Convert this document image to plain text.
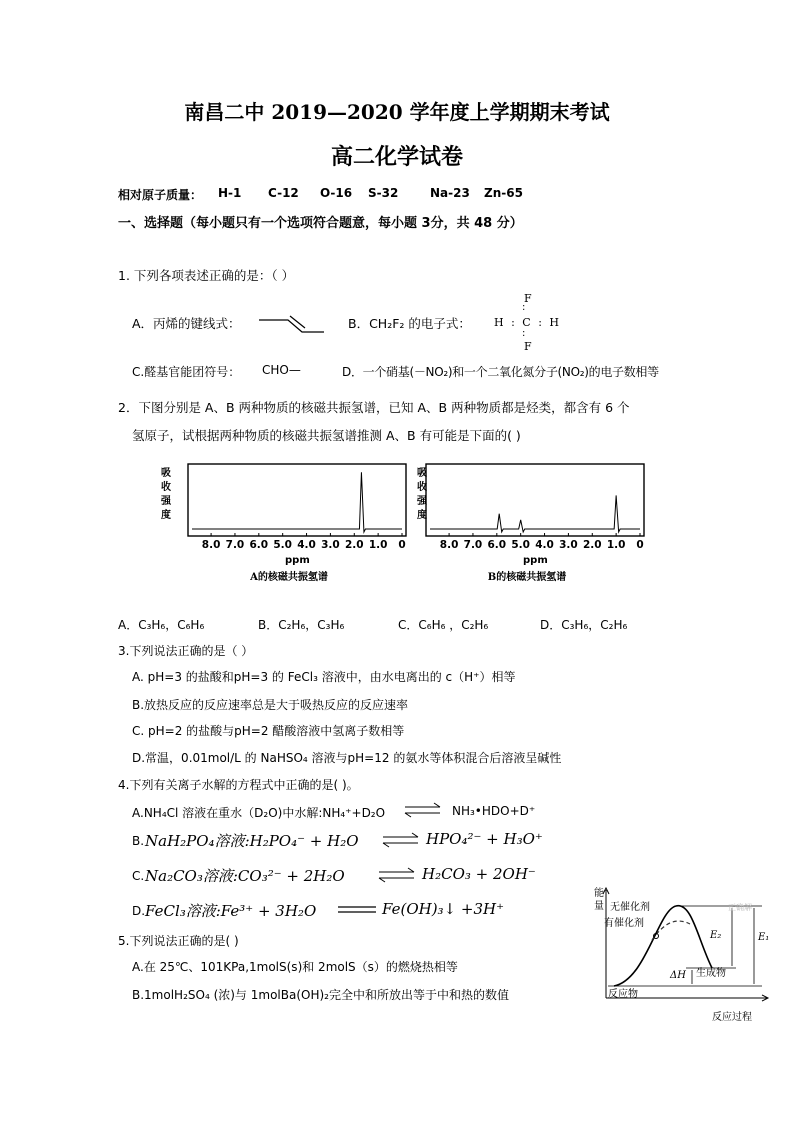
南昌二中 2019—2020 学年度上学期期末考试
高二化学试卷
相对原子质量： H-1 C-12 O-16 S-32	Na-23 Zn-65
一、选择题（每小题只有一个选项符合题意，每小题 3分，共 48 分）
1. 下列各项表述正确的是：（ ）
A．丙烯的键线式：	B．CH₂F₂ 的电子式：
F
:
H : C : H
:
F
C.醛基官能团符号： CHO—	D．一个硝基(－NO₂)和一个二氧化氮分子(NO₂)的电子数相等
2．下图分别是 A、B 两种物质的核磁共振氢谱，已知 A、B 两种物质都是烃类，都含有 6 个
氢原子，试根据两种物质的核磁共振氢谱推测 A、B 有可能是下面的( )
吸
收
强
度
ppm
A的核磁共振氢谱
8.0 7.0 6.0 5.0 4.0 3.0 2.0 1.0 0
吸
收
强
度
ppm
B的核磁共振氢谱
8.0 7.0 6.0 5.0 4.0 3.0 2.0 1.0 0
A．C₃H₆，C₆H₆	B．C₂H₆，C₃H₆	C．C₆H₆ ，C₂H₆	D．C₃H₆，C₂H₆
3.下列说法正确的是（ ）
A. pH=3 的盐酸和pH=3 的 FeCl₃ 溶液中，由水电离出的 c（H⁺）相等
B.放热反应的反应速率总是大于吸热反应的反应速率
C. pH=2 的盐酸与pH=2 醋酸溶液中氢离子数相等
D.常温，0.01mol/L 的 NaHSO₄ 溶液与pH=12 的氨水等体积混合后溶液呈碱性
4.下列有关离子水解的方程式中正确的是( )。
A.NH₄Cl 溶液在重水（D₂O)中水解:NH₄⁺+D₂O ⇌ NH₃•HDO+D⁺
B. NaH₂PO₄溶液:H₂PO₄⁻ + H₂O ⇌ HPO₄²⁻ + H₃O⁺
C. Na₂CO₃溶液:CO₃²⁻ + 2H₂O ⇌ H₂CO₃ + 2OH⁻
D. FeCl₃溶液:Fe³⁺ + 3H₂O	Fe(OH)₃↓ +3H⁺
5.下列说法正确的是( )
A.在 25℃、101KPa,1molS(s)和 2molS（s）的燃烧热相等
B.1molH₂SO₄ (浓)与 1molBa(OH)₂完全中和所放出等于中和热的数值
能
量 无催化剂
有催化剂
E₂	E₁
ΔH 生成物
反应物
反应过程
正确解
